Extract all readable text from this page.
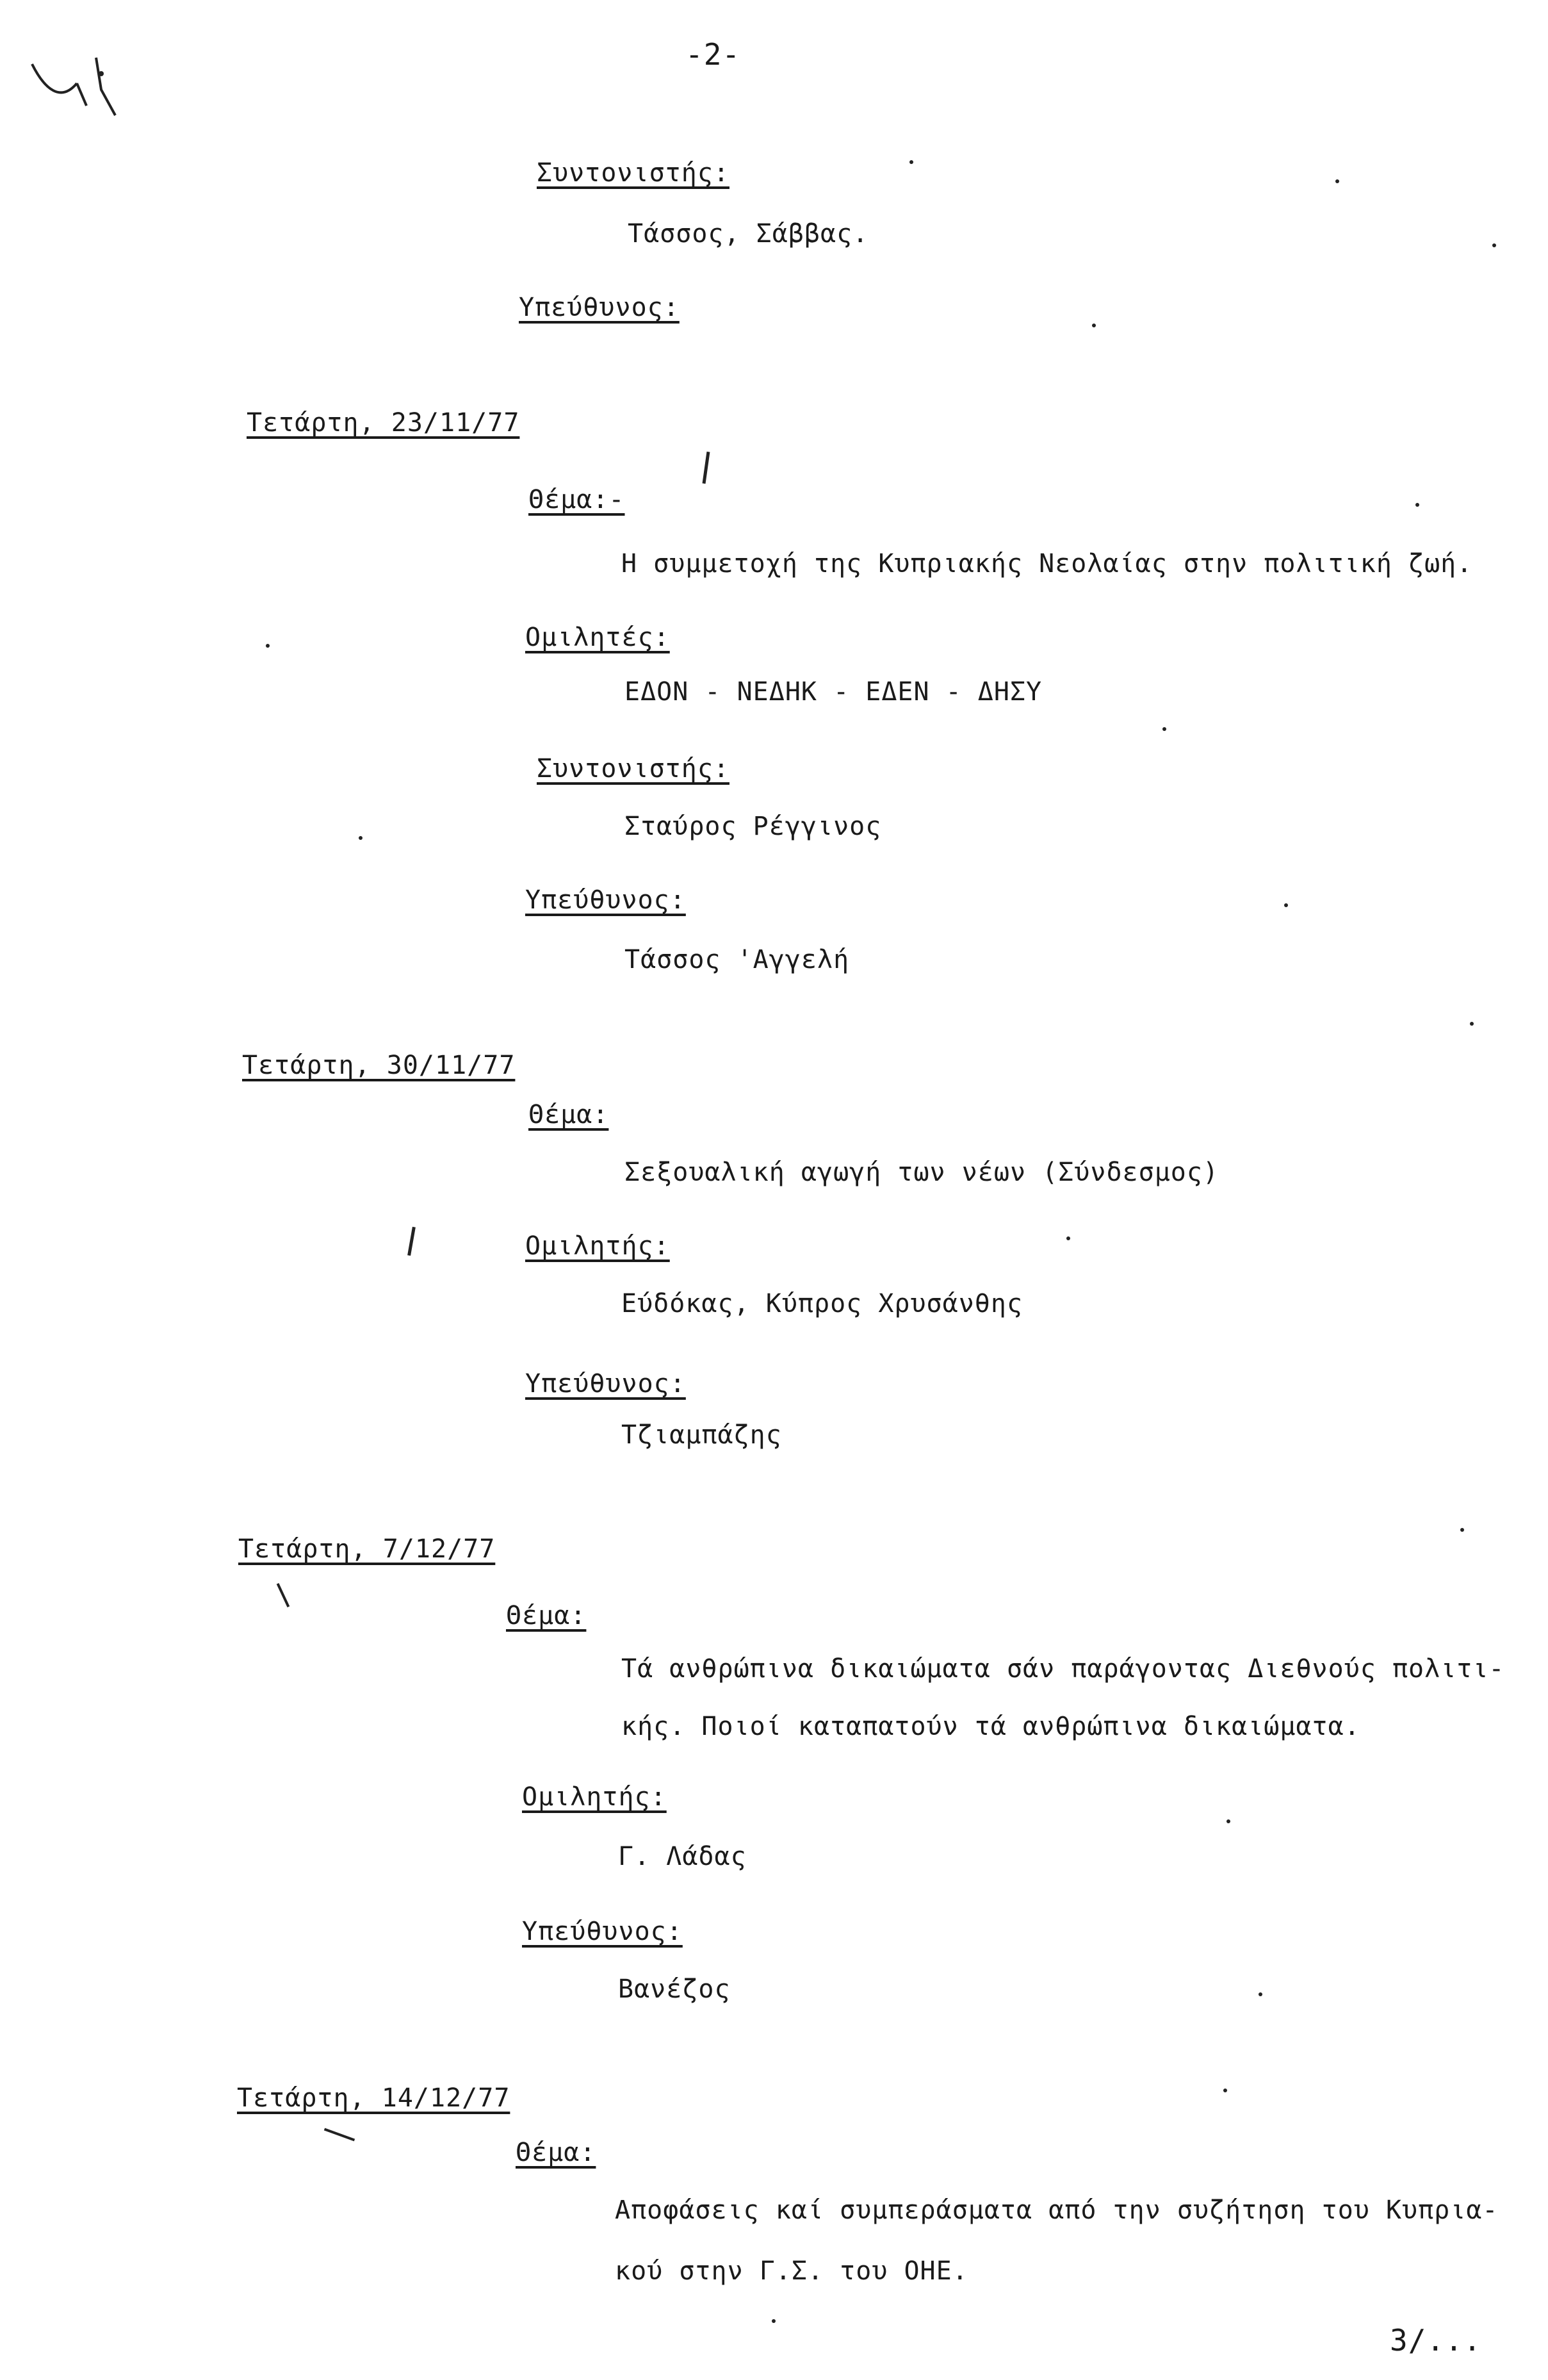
-2-
Συντονιστής:
Τάσσος, Σάββας.
Υπεύθυνος:
Τετάρτη, 23/11/77
Θέμα:-
Η συμμετοχή της Κυπριακής Νεολαίας στην πολιτική ζωή.
Ομιλητές:
ΕΔΟΝ - ΝΕΔΗΚ - ΕΔΕΝ - ΔΗΣΥ
Συντονιστής:
Σταύρος Ρέγγινος
Υπεύθυνος:
Τάσσος 'Αγγελή
Τετάρτη, 30/11/77
Θέμα:
Σεξουαλική αγωγή των νέων (Σύνδεσμος)
Ομιλητής:
Εύδόκας, Κύπρος Χρυσάνθης
Υπεύθυνος:
Τζιαμπάζης
Τετάρτη, 7/12/77
Θέμα:
Τά ανθρώπινα δικαιώματα σάν παράγοντας Διεθνούς πολιτι-
κής. Ποιοί καταπατούν τά ανθρώπινα δικαιώματα.
Ομιλητής:
Γ. Λάδας
Υπεύθυνος:
Βανέζος
Τετάρτη, 14/12/77
Θέμα:
Αποφάσεις καί συμπεράσματα από την συζήτηση του Κυπρια-
κού στην Γ.Σ. του ΟΗΕ.
3/...
